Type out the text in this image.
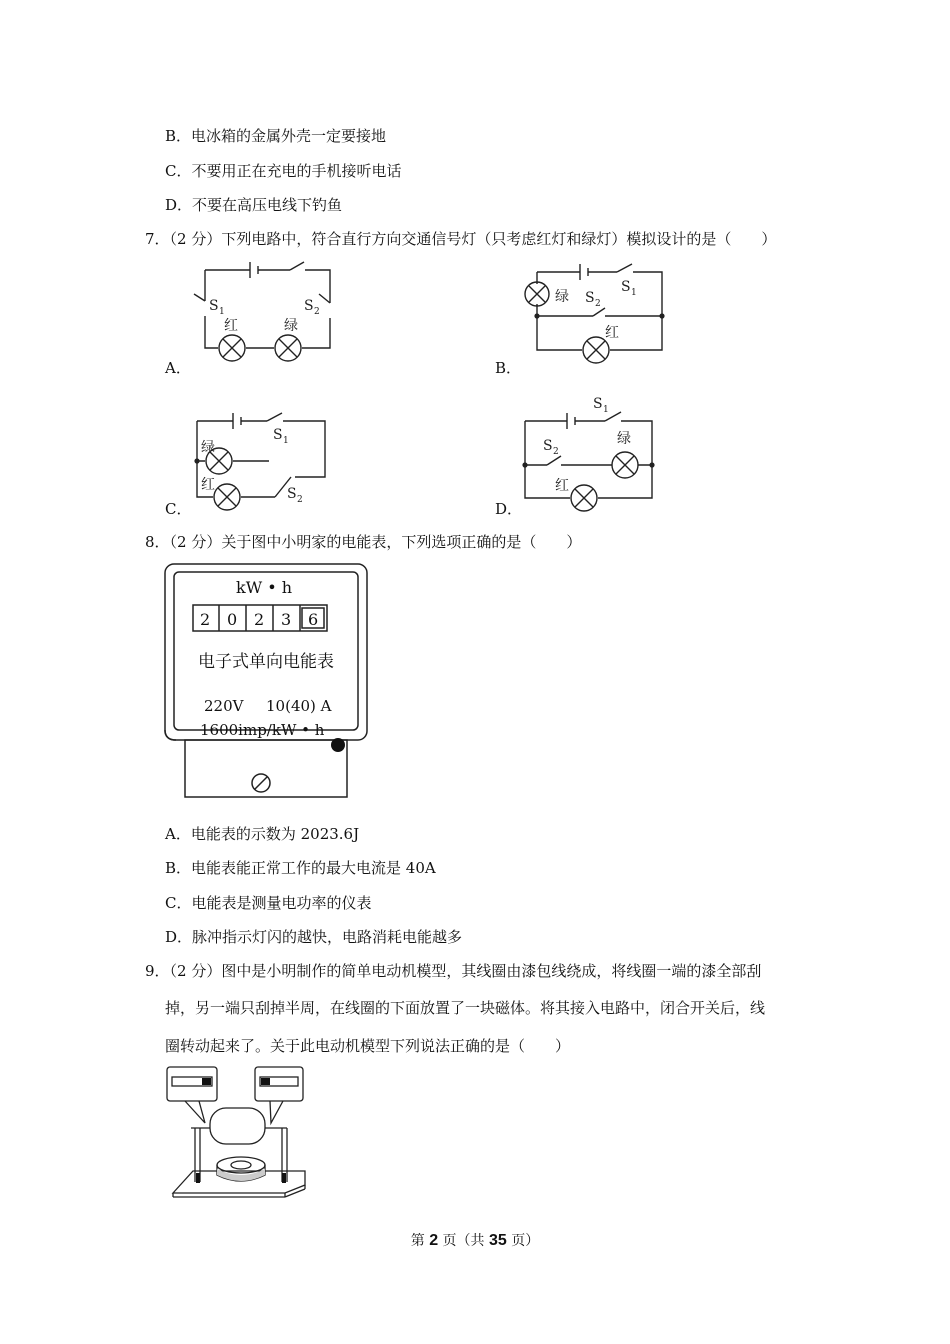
B．电冰箱的金属外壳一定要接地
C．不要用正在充电的手机接听电话
D．不要在高压电线下钓鱼
7．（2 分）下列电路中，符合直行方向交通信号灯（只考虑红灯和绿灯）模拟设计的是（　　）
S 1	S 2
红	绿
A．
绿
S 1
S 2
红
B．
绿
红
S 1
S 2
C．
S 1
绿
S 2
红
D．
8．（2 分）关于图中小明家的电能表，下列选项正确的是（　　）
kW • h
2 0 2 3 6
电子式单向电能表
220V 10(40) A
1600imp/kW • h
A．电能表的示数为 2023.6J
B．电能表能正常工作的最大电流是 40A
C．电能表是测量电功率的仪表
D．脉冲指示灯闪的越快，电路消耗电能越多
9．（2 分）图中是小明制作的简单电动机模型，其线圈由漆包线绕成，将线圈一端的漆全部刮
掉，另一端只刮掉半周，在线圈的下面放置了一块磁体。将其接入电路中，闭合开关后，线
圈转动起来了。关于此电动机模型下列说法正确的是（　　）
第 2 页（共 35 页）
